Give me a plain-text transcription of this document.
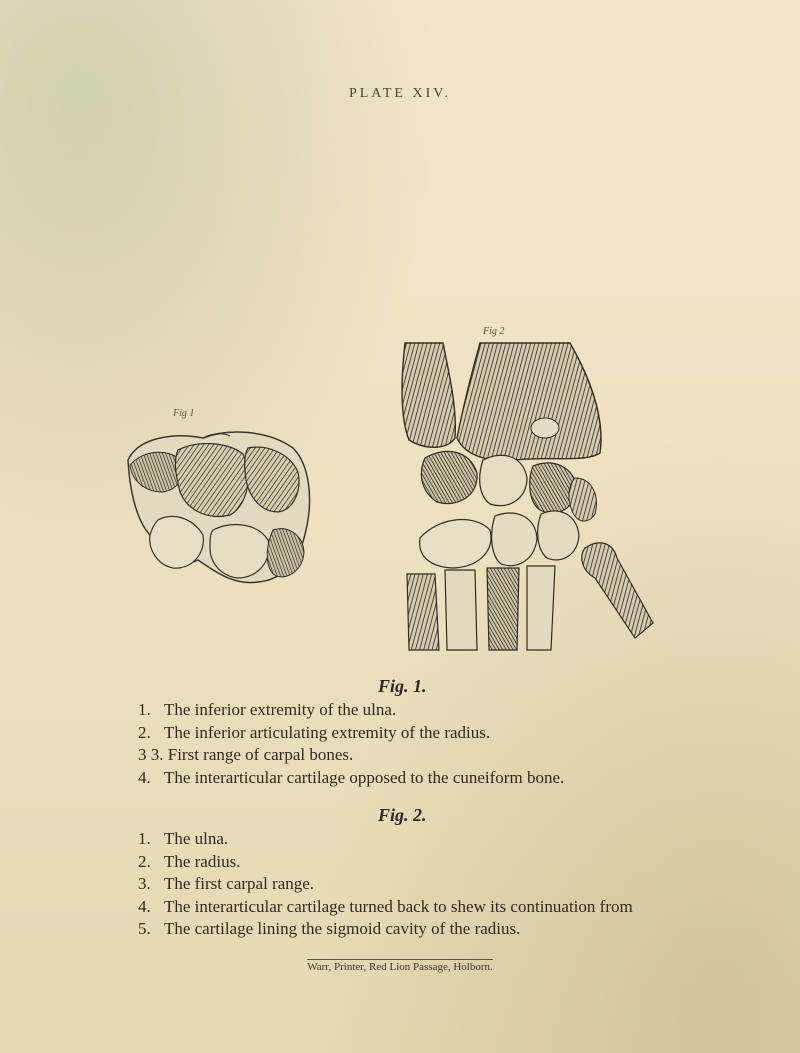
PLATE XIV.
Fig 1
Fig 2
Fig. 1.
1. The inferior extremity of the ulna.
2. The inferior articulating extremity of the radius.
3 3. First range of carpal bones.
4. The interarticular cartilage opposed to the cuneiform bone.
Fig. 2.
1. The ulna.
2. The radius.
3. The first carpal range.
4. The interarticular cartilage turned back to shew its continuation from
5. The cartilage lining the sigmoid cavity of the radius.
Warr, Printer, Red Lion Passage, Holborn.
